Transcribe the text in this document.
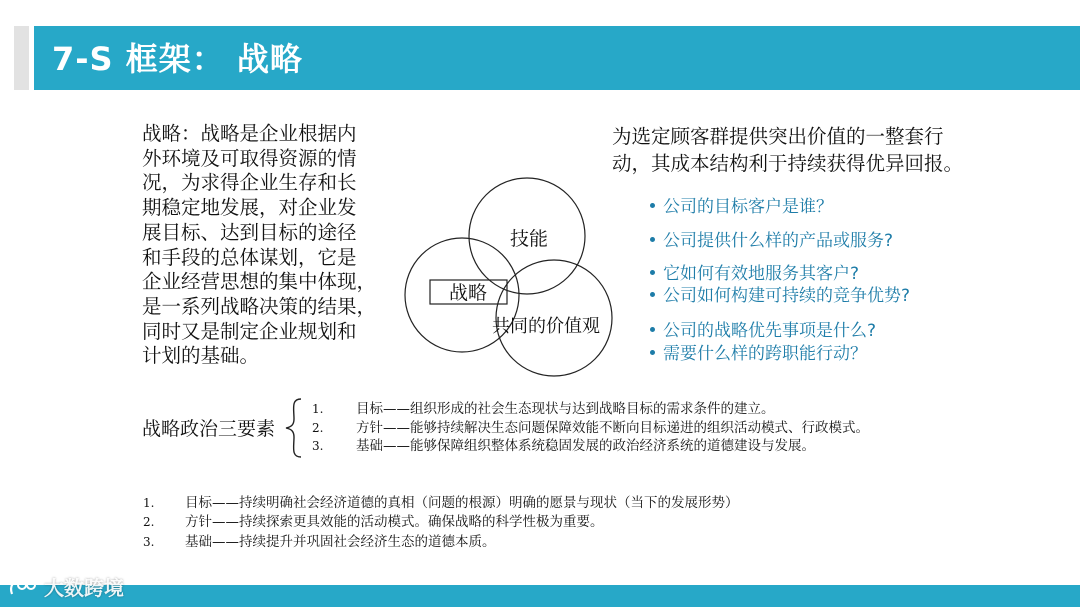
7-S 框架： 战略
战略：战略是企业根据内
外环境及可取得资源的情
况，为求得企业生存和长
期稳定地发展，对企业发
展目标、达到目标的途径
和手段的总体谋划，它是
企业经营思想的集中体现，
是一系列战略决策的结果，
同时又是制定企业规划和
计划的基础。
战略
技能
共同的价值观
为选定顾客群提供突出价值的一整套行
动，其成本结构利于持续获得优异回报。
公司的目标客户是谁？
公司提供什么样的产品或服务?
它如何有效地服务其客户?
公司如何构建可持续的竞争优势?
公司的战略优先事项是什么?
需要什么样的跨职能行动？
战略政治三要素
1. 目标——组织形成的社会生态现状与达到战略目标的需求条件的建立。
2. 方针——能够持续解决生态问题保障效能不断向目标递进的组织活动模式、行政模式。
3. 基础——能够保障组织整体系统稳固发展的政治经济系统的道德建设与发展。
1. 目标——持续明确社会经济道德的真相（问题的根源）明确的愿景与现状（当下的发展形势）
2. 方针——持续探索更具效能的活动模式。确保战略的科学性极为重要。
3. 基础——持续提升并巩固社会经济生态的道德本质。
大数跨境
